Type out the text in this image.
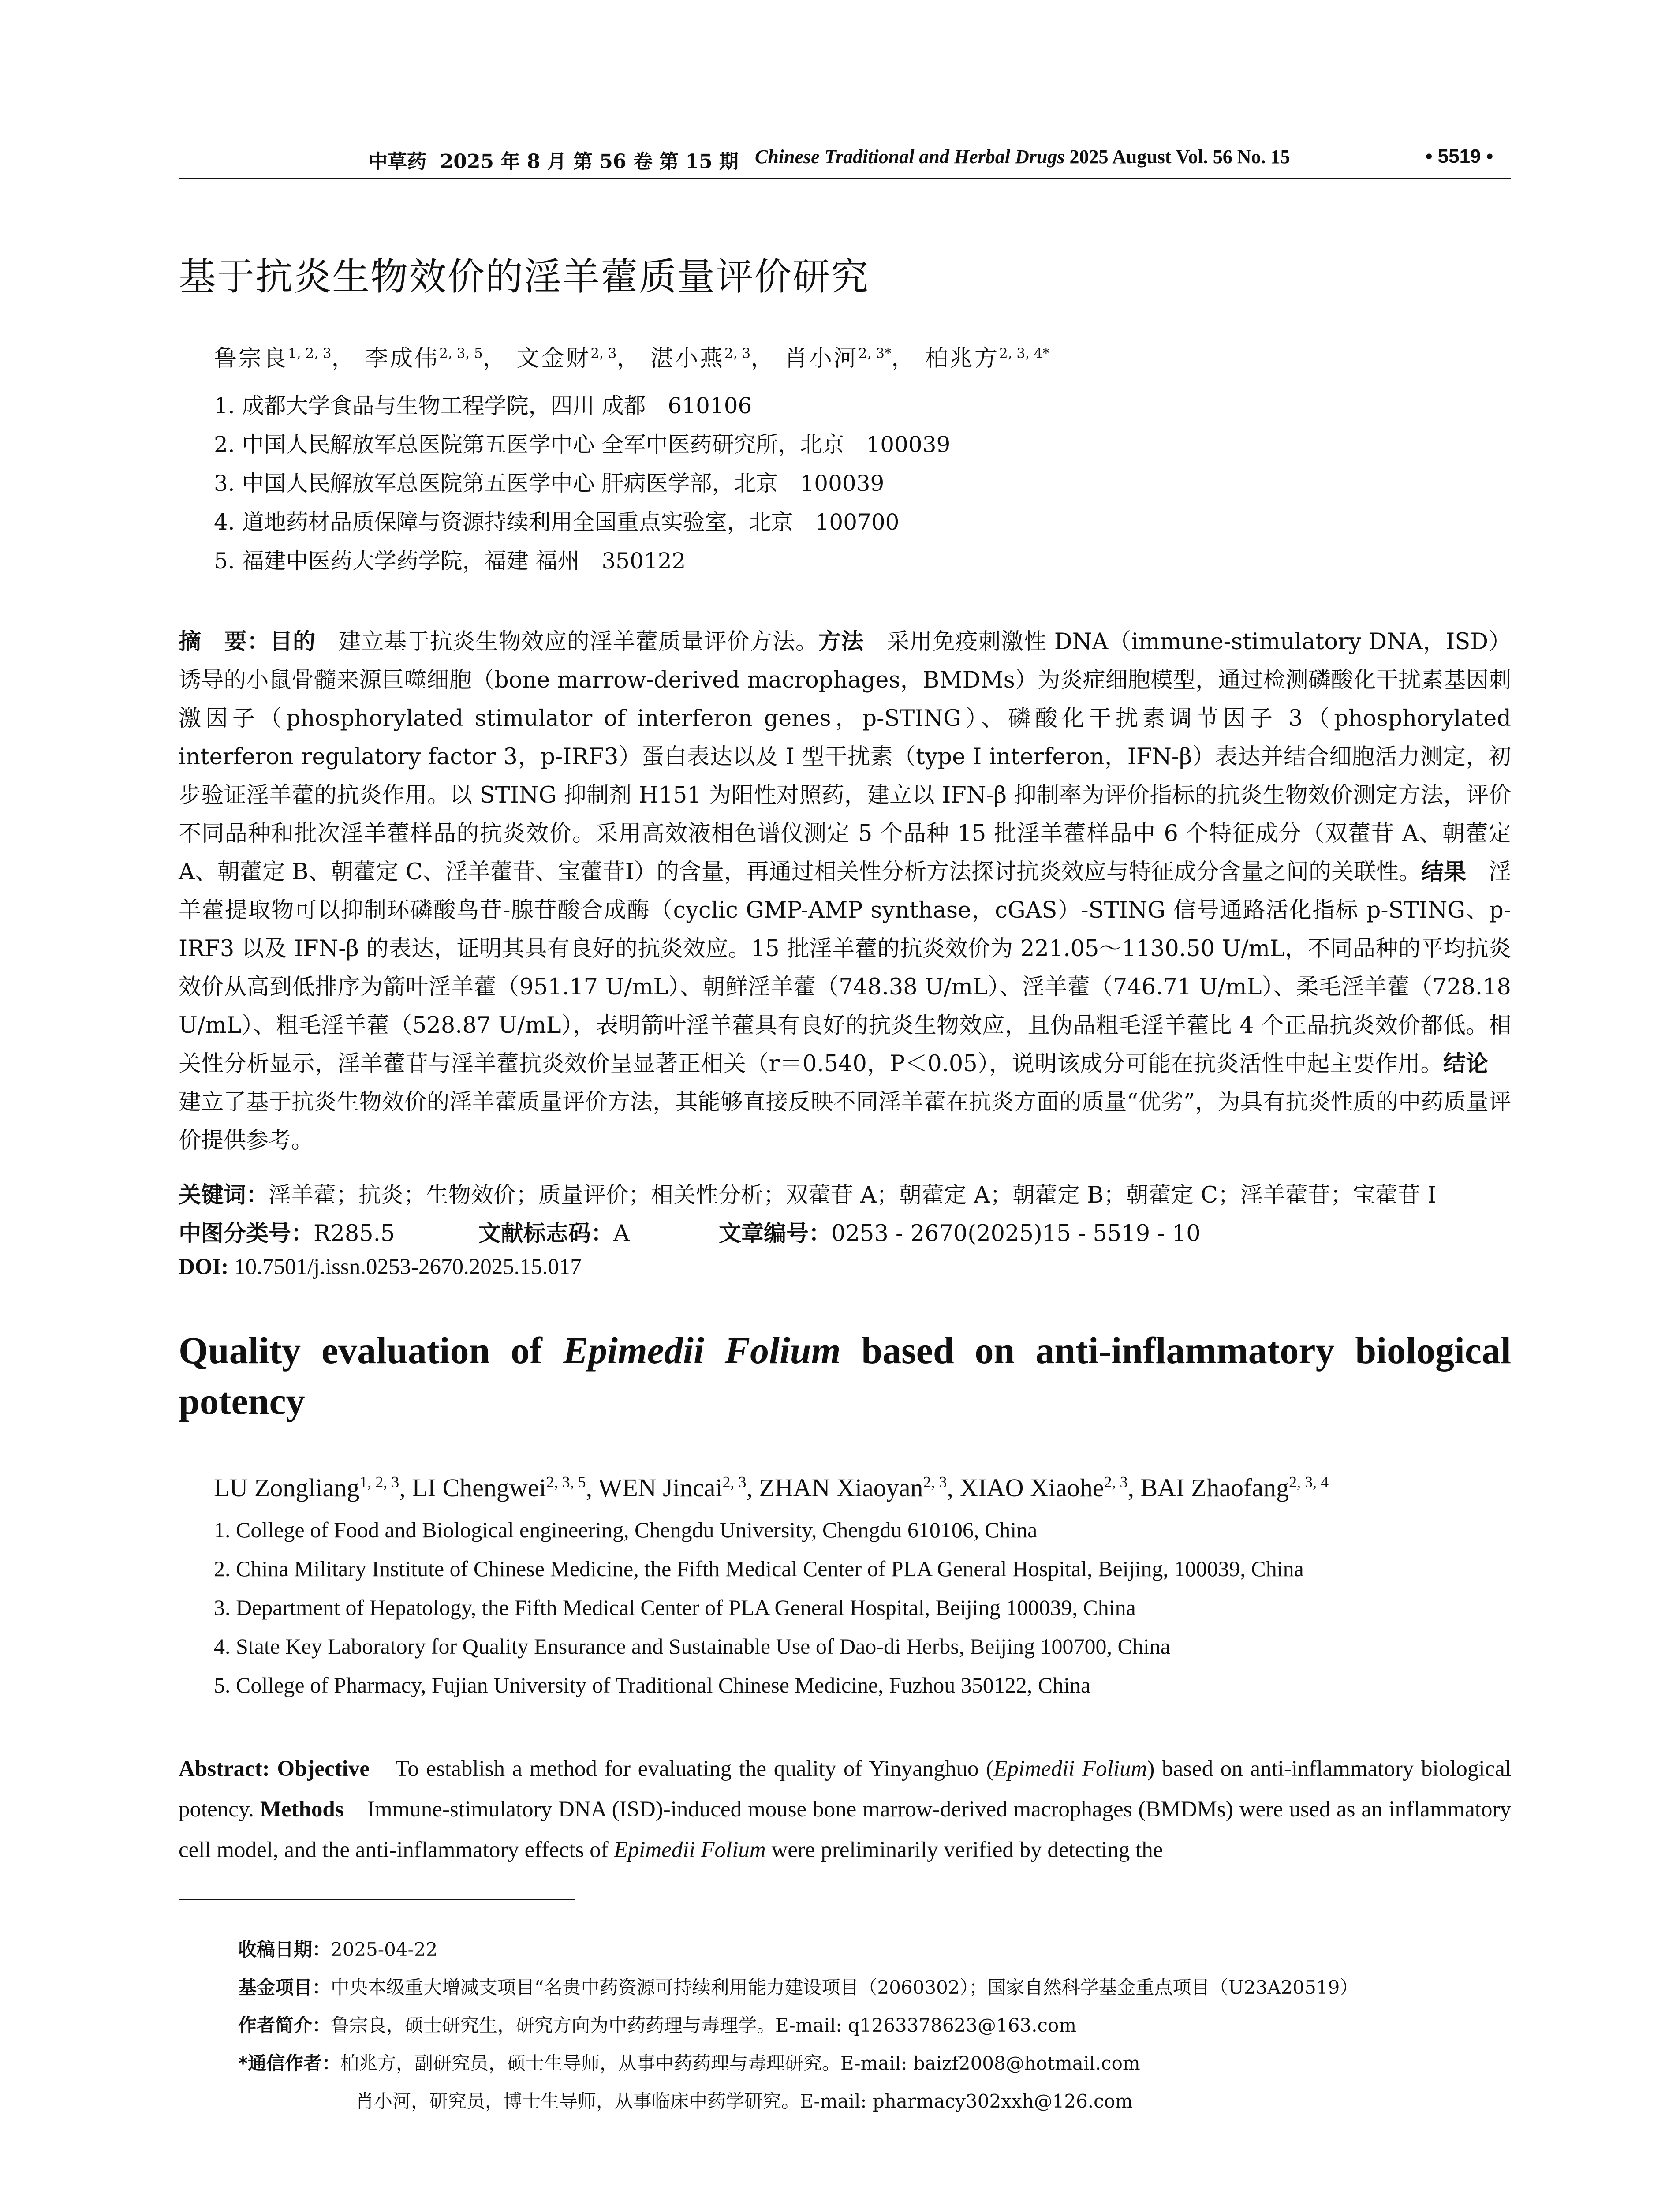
中草药 2025 年 8 月 第 56 卷 第 15 期 Chinese Traditional and Herbal Drugs 2025 August Vol. 56 No. 15	• 5519 •
基于抗炎生物效价的淫羊藿质量评价研究
鲁宗良$^{1, 2, 3}$， 李成伟$^{2, 3, 5}$， 文金财$^{2, 3}$， 湛小燕$^{2, 3}$， 肖小河$^{2, 3*}$， 柏兆方$^{2, 3, 4*}$
1. 成都大学食品与生物工程学院，四川 成都　610106
2. 中国人民解放军总医院第五医学中心 全军中医药研究所，北京　100039
3. 中国人民解放军总医院第五医学中心 肝病医学部，北京　100039
4. 道地药材品质保障与资源持续利用全国重点实验室，北京　100700
5. 福建中医药大学药学院，福建 福州　350122
摘　要：目的　建立基于抗炎生物效应的淫羊藿质量评价方法。方法　采用免疫刺激性 DNA（immune-stimulatory DNA，ISD）诱导的小鼠骨髓来源巨噬细胞（bone marrow-derived macrophages，BMDMs）为炎症细胞模型，通过检测磷酸化干扰素基因刺激因子（phosphorylated stimulator of interferon genes，p-STING）、磷酸化干扰素调节因子 3（phosphorylated interferon regulatory factor 3，p-IRF3）蛋白表达以及 I 型干扰素（type I interferon，IFN-β）表达并结合细胞活力测定，初步验证淫羊藿的抗炎作用。以 STING 抑制剂 H151 为阳性对照药，建立以 IFN-β 抑制率为评价指标的抗炎生物效价测定方法，评价不同品种和批次淫羊藿样品的抗炎效价。采用高效液相色谱仪测定 5 个品种 15 批淫羊藿样品中 6 个特征成分（双藿苷 A、朝藿定 A、朝藿定 B、朝藿定 C、淫羊藿苷、宝藿苷I）的含量，再通过相关性分析方法探讨抗炎效应与特征成分含量之间的关联性。结果　淫羊藿提取物可以抑制环磷酸鸟苷-腺苷酸合成酶（cyclic GMP-AMP synthase，cGAS）-STING 信号通路活化指标 p-STING、p-IRF3 以及 IFN-β 的表达，证明其具有良好的抗炎效应。15 批淫羊藿的抗炎效价为 221.05～1130.50 U/mL，不同品种的平均抗炎效价从高到低排序为箭叶淫羊藿（951.17 U/mL）、朝鲜淫羊藿（748.38 U/mL）、淫羊藿（746.71 U/mL）、柔毛淫羊藿（728.18 U/mL）、粗毛淫羊藿（528.87 U/mL），表明箭叶淫羊藿具有良好的抗炎生物效应，且伪品粗毛淫羊藿比 4 个正品抗炎效价都低。相关性分析显示，淫羊藿苷与淫羊藿抗炎效价呈显著正相关（r＝0.540，P＜0.05），说明该成分可能在抗炎活性中起主要作用。结论　建立了基于抗炎生物效价的淫羊藿质量评价方法，其能够直接反映不同淫羊藿在抗炎方面的质量“优劣”，为具有抗炎性质的中药质量评价提供参考。
关键词：淫羊藿；抗炎；生物效价；质量评价；相关性分析；双藿苷 A；朝藿定 A；朝藿定 B；朝藿定 C；淫羊藿苷；宝藿苷 I
中图分类号：R285.5	文献标志码：A	文章编号：0253 - 2670(2025)15 - 5519 - 10
DOI: 10.7501/j.issn.0253-2670.2025.15.017
Quality evaluation of Epimedii Folium based on anti-inflammatory biological potency
LU Zongliang$^{1, 2, 3}$, LI Chengwei$^{2, 3, 5}$, WEN Jincai$^{2, 3}$, ZHAN Xiaoyan$^{2, 3}$, XIAO Xiaohe$^{2, 3}$, BAI Zhaofang$^{2, 3, 4}$
1. College of Food and Biological engineering, Chengdu University, Chengdu 610106, China
2. China Military Institute of Chinese Medicine, the Fifth Medical Center of PLA General Hospital, Beijing, 100039, China
3. Department of Hepatology, the Fifth Medical Center of PLA General Hospital, Beijing 100039, China
4. State Key Laboratory for Quality Ensurance and Sustainable Use of Dao-di Herbs, Beijing 100700, China
5. College of Pharmacy, Fujian University of Traditional Chinese Medicine, Fuzhou 350122, China
Abstract: Objective　To establish a method for evaluating the quality of Yinyanghuo (Epimedii Folium) based on anti-inflammatory biological potency. Methods　Immune-stimulatory DNA (ISD)-induced mouse bone marrow-derived macrophages (BMDMs) were used as an inflammatory cell model, and the anti-inflammatory effects of Epimedii Folium were preliminarily verified by detecting the
收稿日期：2025-04-22
基金项目：中央本级重大增减支项目“名贵中药资源可持续利用能力建设项目（2060302）；国家自然科学基金重点项目（U23A20519）
作者简介：鲁宗良，硕士研究生，研究方向为中药药理与毒理学。E-mail: q1263378623@163.com
*通信作者：柏兆方，副研究员，硕士生导师，从事中药药理与毒理研究。E-mail: baizf2008@hotmail.com
肖小河，研究员，博士生导师，从事临床中药学研究。E-mail: pharmacy302xxh@126.com
